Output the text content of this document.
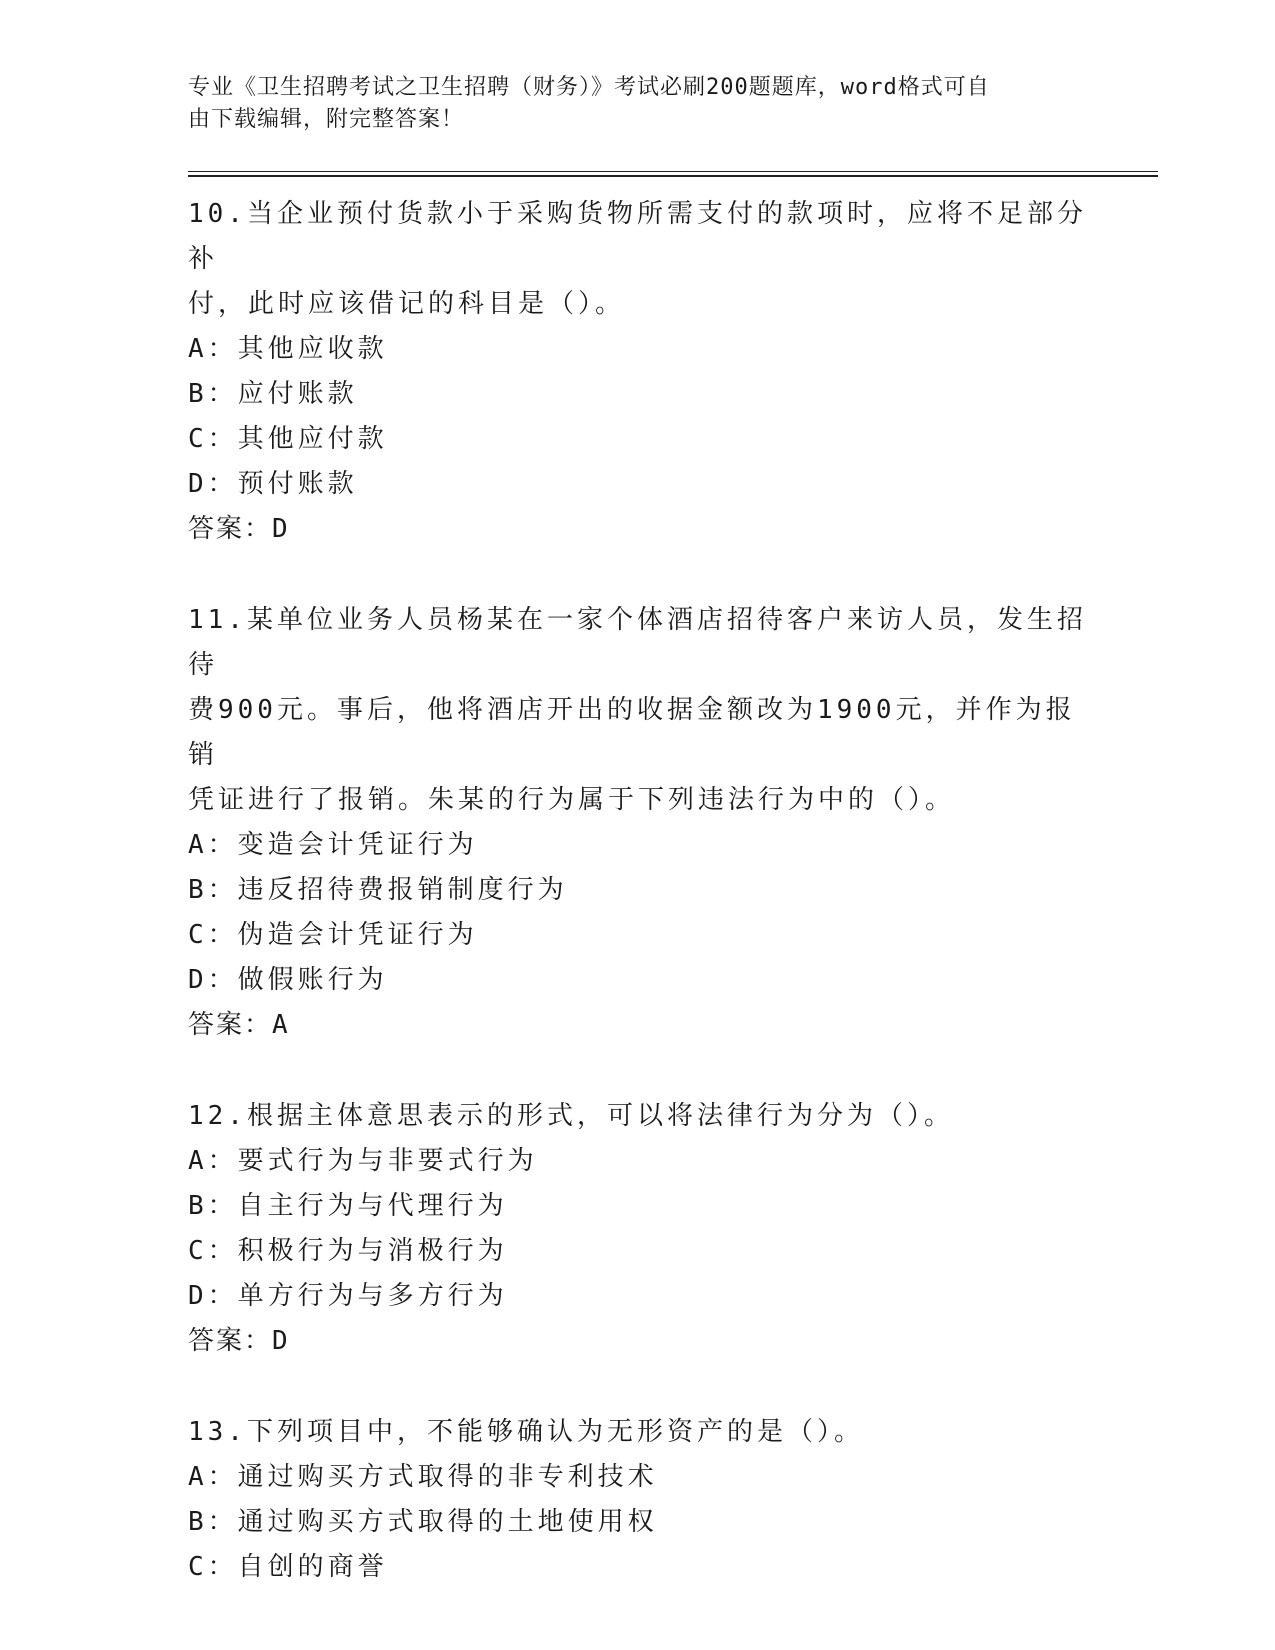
专业《卫生招聘考试之卫生招聘（财务）》考试必刷200题题库，word格式可自
由下载编辑，附完整答案！

10.当企业预付货款小于采购货物所需支付的款项时，应将不足部分补

付，此时应该借记的科目是（）。

A：其他应收款

B：应付账款

C：其他应付款

D：预付账款

答案：D

11.某单位业务人员杨某在一家个体酒店招待客户来访人员，发生招待

费900元。事后，他将酒店开出的收据金额改为1900元，并作为报销

凭证进行了报销。朱某的行为属于下列违法行为中的（）。

A：变造会计凭证行为

B：违反招待费报销制度行为

C：伪造会计凭证行为

D：做假账行为

答案：A

12.根据主体意思表示的形式，可以将法律行为分为（）。

A：要式行为与非要式行为

B：自主行为与代理行为

C：积极行为与消极行为

D：单方行为与多方行为

答案：D

13.下列项目中，不能够确认为无形资产的是（）。

A：通过购买方式取得的非专利技术

B：通过购买方式取得的土地使用权

C：自创的商誉
